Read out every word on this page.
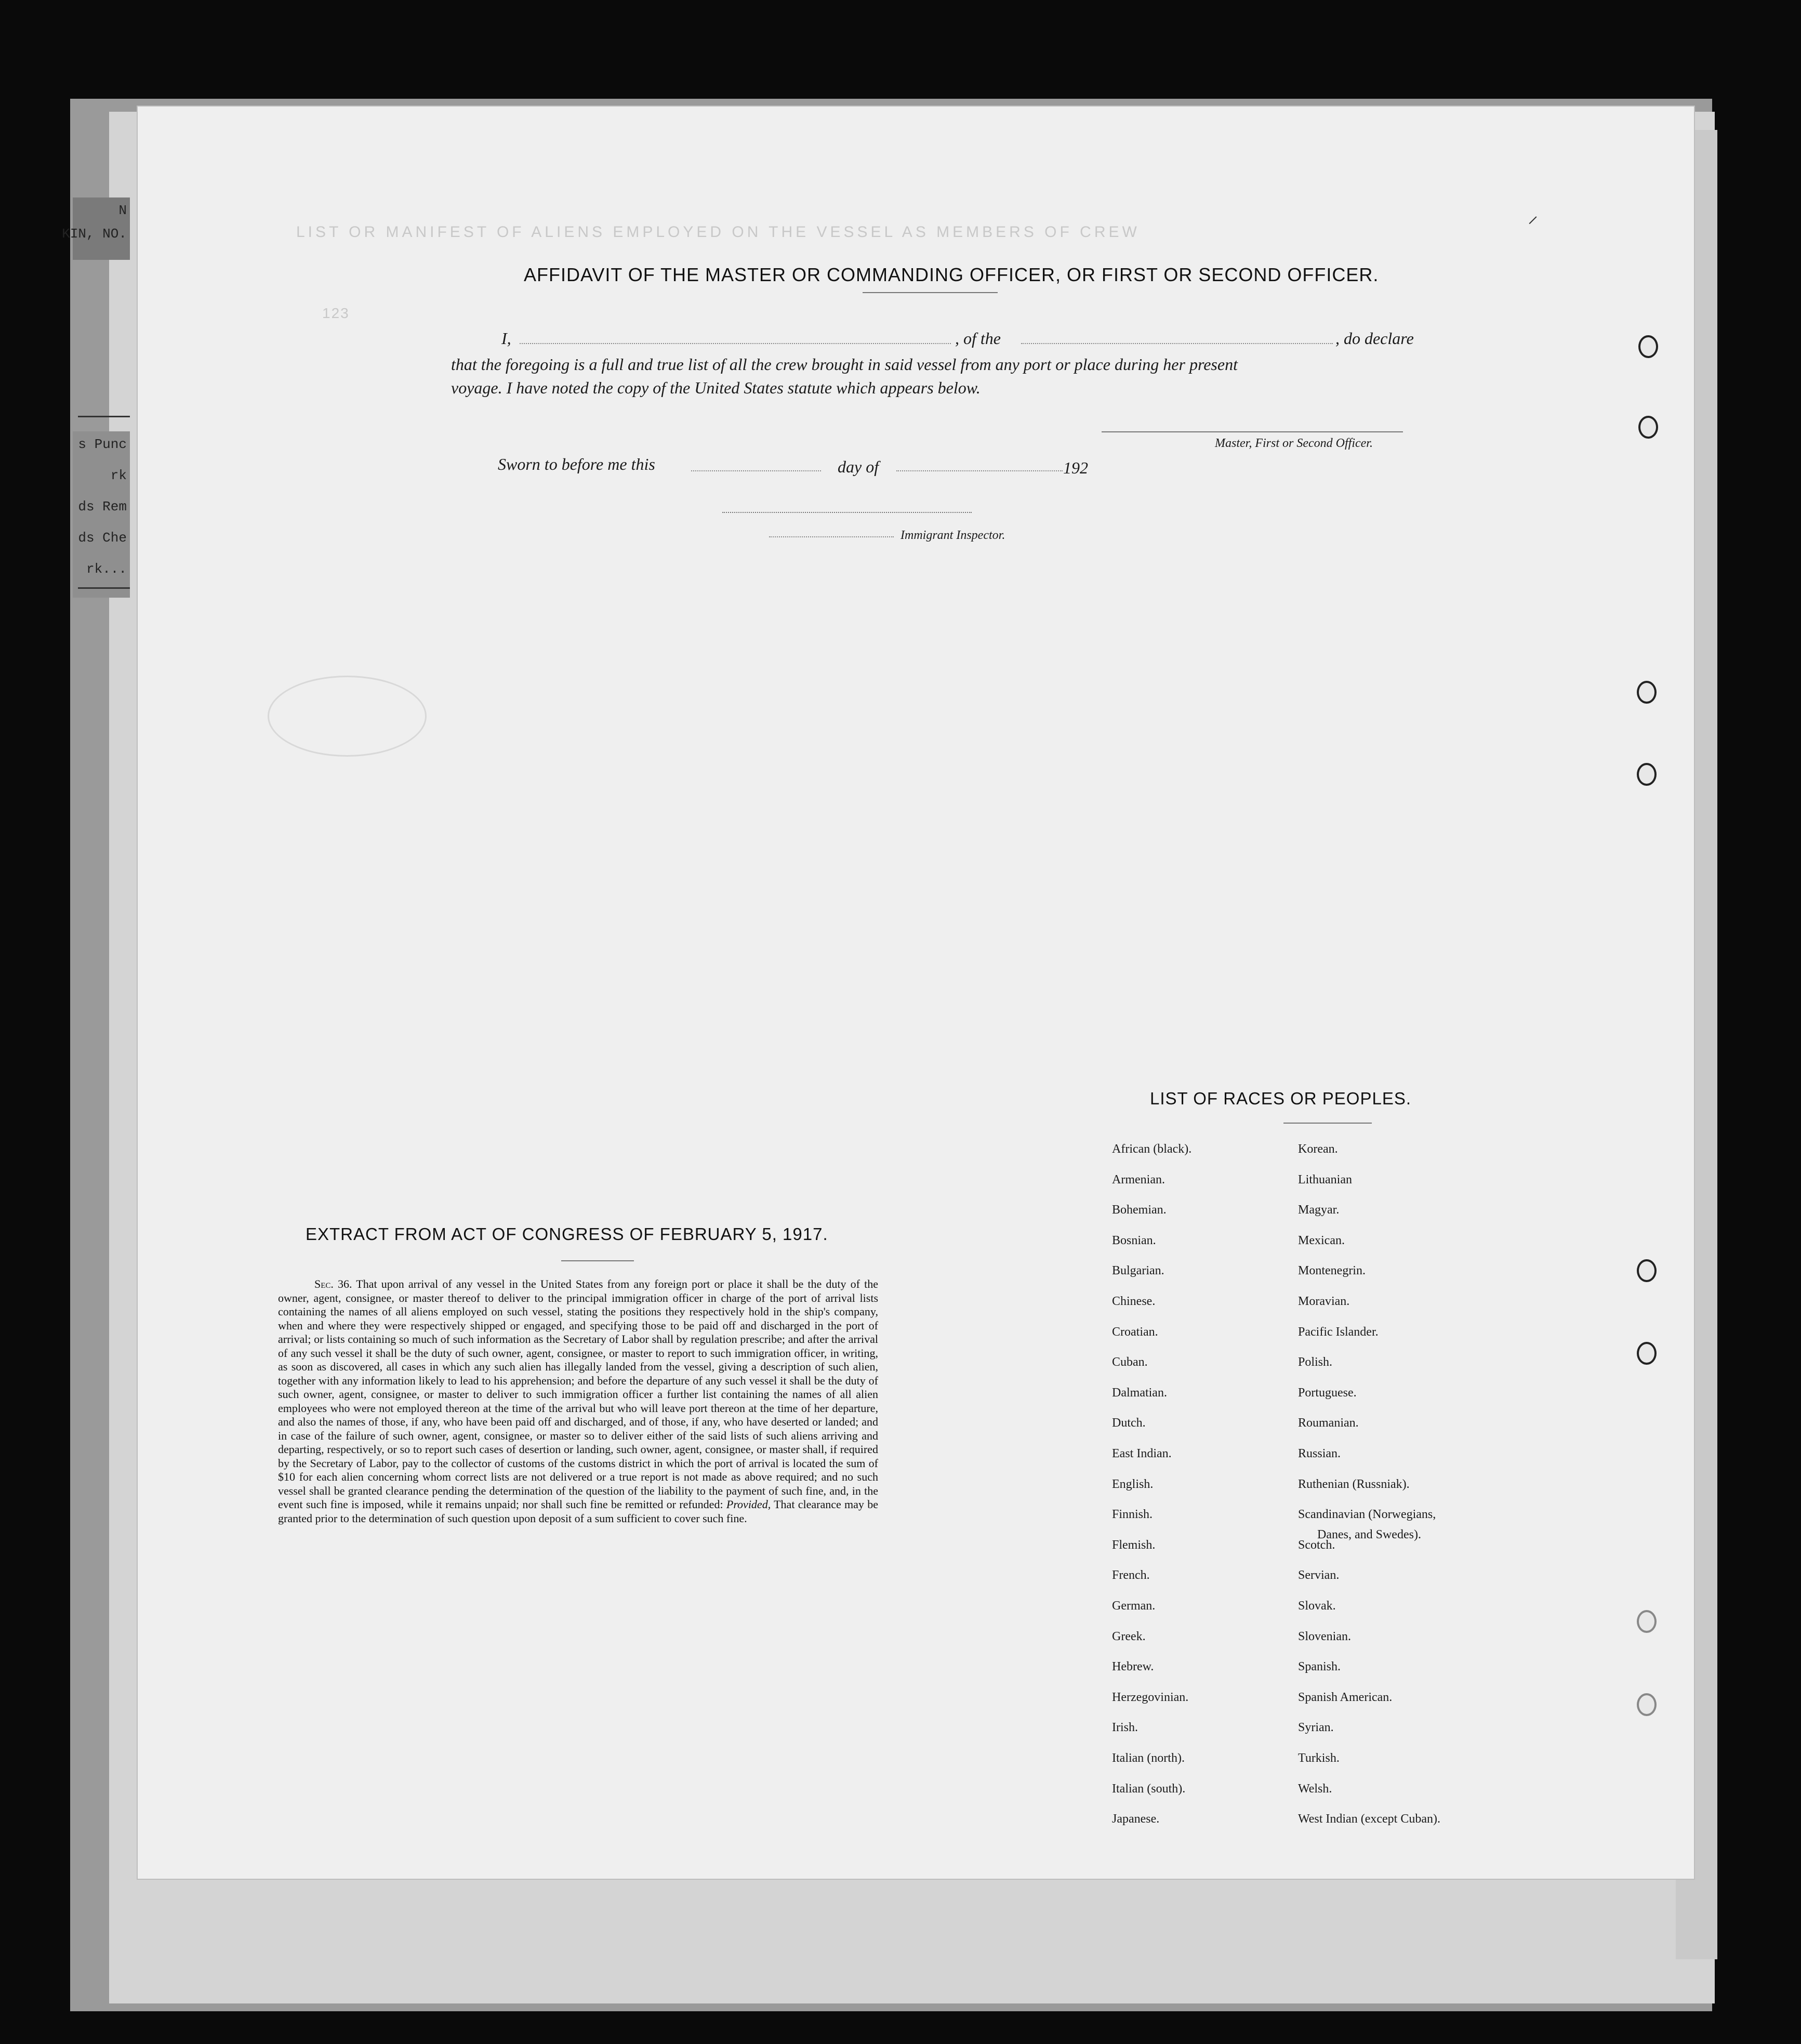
N
KIN, NO.
s Punc
rk
ds Rem
ds Che
rk...
LIST OR MANIFEST OF ALIENS EMPLOYED ON THE VESSEL AS MEMBERS OF CREW
123
AFFIDAVIT OF THE MASTER OR COMMANDING OFFICER, OR FIRST OR SECOND OFFICER.
I,	, of the	, do declare
that the foregoing is a full and true list of all the crew brought in said vessel from any port or place during her present
voyage. I have noted the copy of the United States statute which appears below.
Master, First or Second Officer.
Sworn to before me this	day of	192
Immigrant Inspector.
EXTRACT FROM ACT OF CONGRESS OF FEBRUARY 5, 1917.
Sec. 36. That upon arrival of any vessel in the United States from any foreign port or place it shall be the duty of the owner, agent, consignee, or master thereof to deliver to the principal immigration officer in charge of the port of arrival lists containing the names of all aliens employed on such vessel, stating the positions they respectively hold in the ship's company, when and where they were respectively shipped or engaged, and specifying those to be paid off and discharged in the port of arrival; or lists containing so much of such information as the Secretary of Labor shall by regulation prescribe; and after the arrival of any such vessel it shall be the duty of such owner, agent, consignee, or master to report to such immigration officer, in writing, as soon as discovered, all cases in which any such alien has illegally landed from the vessel, giving a description of such alien, together with any information likely to lead to his apprehension; and before the departure of any such vessel it shall be the duty of such owner, agent, consignee, or master to deliver to such immigration officer a further list containing the names of all alien employees who were not employed thereon at the time of the arrival but who will leave port thereon at the time of her departure, and also the names of those, if any, who have been paid off and discharged, and of those, if any, who have deserted or landed; and in case of the failure of such owner, agent, consignee, or master so to deliver either of the said lists of such aliens arriving and departing, respectively, or so to report such cases of desertion or landing, such owner, agent, consignee, or master shall, if required by the Secretary of Labor, pay to the collector of customs of the customs district in which the port of arrival is located the sum of $10 for each alien concerning whom correct lists are not delivered or a true report is not made as above required; and no such vessel shall be granted clearance pending the determination of the question of the liability to the payment of such fine, and, in the event such fine is imposed, while it remains unpaid; nor shall such fine be remitted or refunded: Provided, That clearance may be granted prior to the determination of such question upon deposit of a sum sufficient to cover such fine.
LIST OF RACES OR PEOPLES.
African (black).
Armenian.
Bohemian.
Bosnian.
Bulgarian.
Chinese.
Croatian.
Cuban.
Dalmatian.
Dutch.
East Indian.
English.
Finnish.
Flemish.
French.
German.
Greek.
Hebrew.
Herzegovinian.
Irish.
Italian (north).
Italian (south).
Japanese.
Korean.
Lithuanian
Magyar.
Mexican.
Montenegrin.
Moravian.
Pacific Islander.
Polish.
Portuguese.
Roumanian.
Russian.
Ruthenian (Russniak).
Scandinavian (Norwegians,
Scotch.
Servian.
Slovak.
Slovenian.
Spanish.
Spanish American.
Syrian.
Turkish.
Welsh.
West Indian (except Cuban).
Danes, and Swedes).
⸝
